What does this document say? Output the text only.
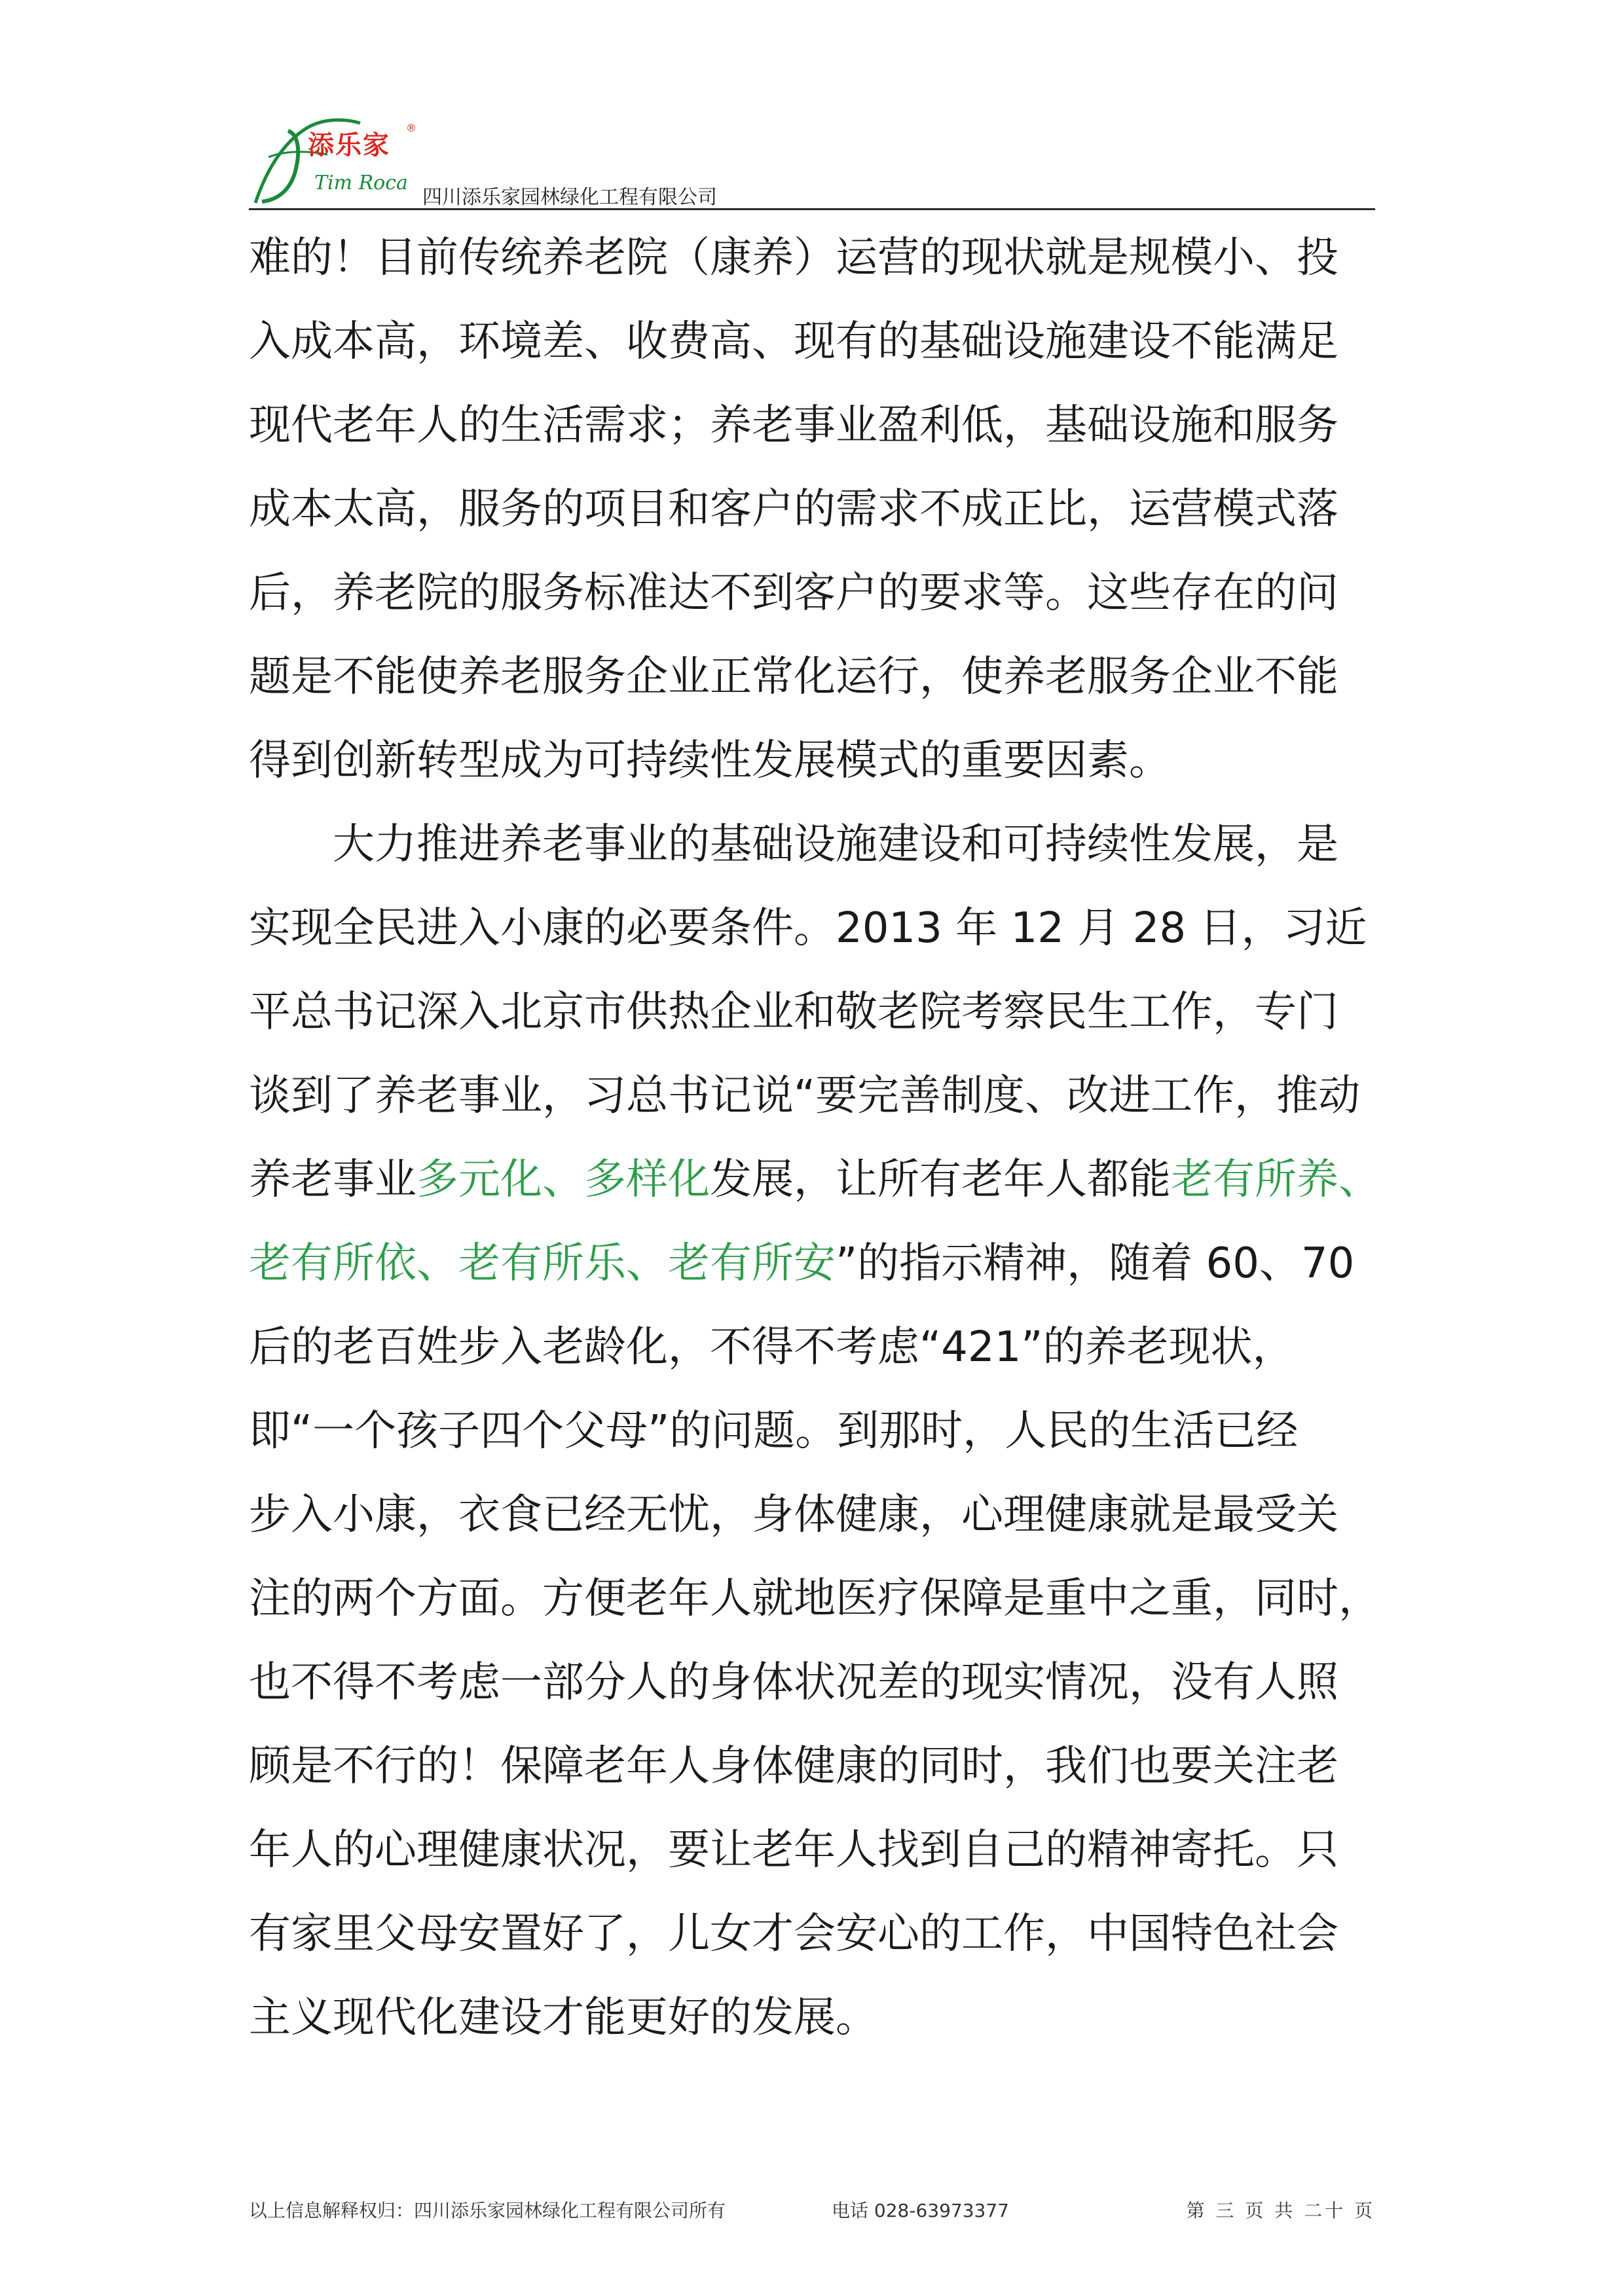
添乐家
®
Tim Roca
四川添乐家园林绿化工程有限公司
难的！目前传统养老院（康养）运营的现状就是规模小、投
入成本高，环境差、收费高、现有的基础设施建设不能满足
现代老年人的生活需求；养老事业盈利低，基础设施和服务
成本太高，服务的项目和客户的需求不成正比，运营模式落
后，养老院的服务标准达不到客户的要求等。这些存在的问
题是不能使养老服务企业正常化运行，使养老服务企业不能
得到创新转型成为可持续性发展模式的重要因素。
大力推进养老事业的基础设施建设和可持续性发展，是
实现全民进入小康的必要条件。2013 年 12 月 28 日，习近
平总书记深入北京市供热企业和敬老院考察民生工作，专门
谈到了养老事业，习总书记说“要完善制度、改进工作，推动
养老事业多元化、多样化发展，让所有老年人都能老有所养、
老有所依、老有所乐、老有所安”的指示精神，随着 60、70
后的老百姓步入老龄化，不得不考虑“421”的养老现状，
即“一个孩子四个父母”的问题。到那时，人民的生活已经
步入小康，衣食已经无忧，身体健康，心理健康就是最受关
注的两个方面。方便老年人就地医疗保障是重中之重，同时，
也不得不考虑一部分人的身体状况差的现实情况，没有人照
顾是不行的！保障老年人身体健康的同时，我们也要关注老
年人的心理健康状况，要让老年人找到自己的精神寄托。只
有家里父母安置好了，儿女才会安心的工作，中国特色社会
主义现代化建设才能更好的发展。
以上信息解释权归：四川添乐家园林绿化工程有限公司所有	电话 028-63973377	第 三 页 共 二十 页
